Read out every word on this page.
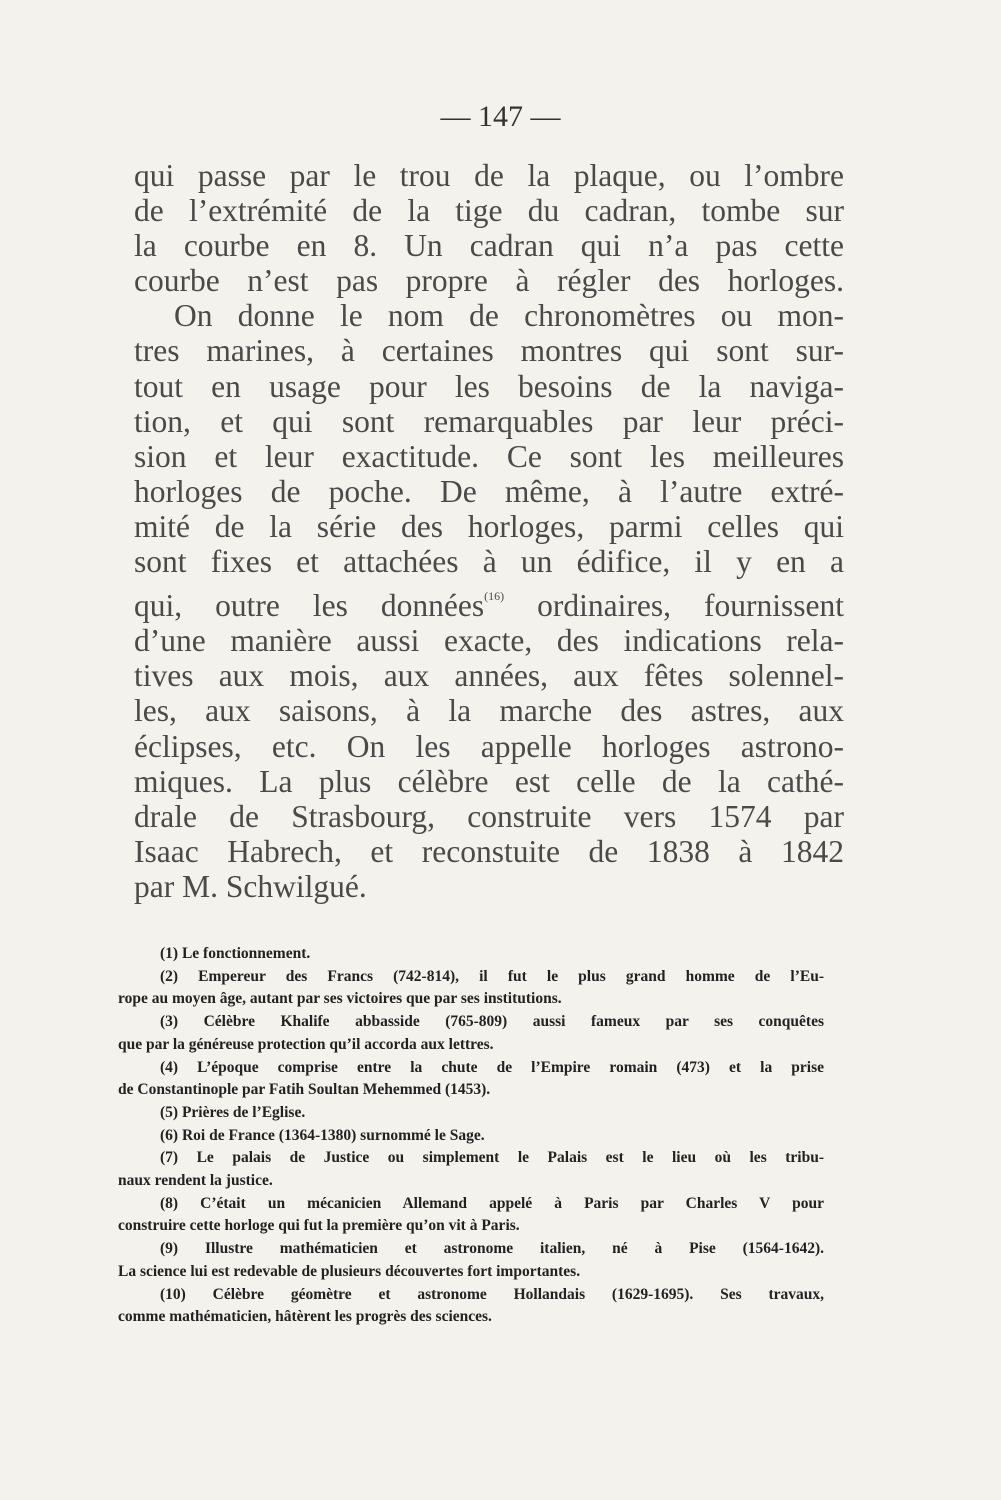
— 147 —
qui passe par le trou de la plaque, ou l’ombre
de l’extrémité de la tige du cadran, tombe sur
la courbe en 8. Un cadran qui n’a pas cette
courbe n’est pas propre à régler des horloges.
On donne le nom de chronomètres ou mon-
tres marines, à certaines montres qui sont sur-
tout en usage pour les besoins de la naviga-
tion, et qui sont remarquables par leur préci-
sion et leur exactitude. Ce sont les meilleures
horloges de poche. De même, à l’autre extré-
mité de la série des horloges, parmi celles qui
sont fixes et attachées à un édifice, il y en a
qui, outre les données$^{(16)}$ ordinaires, fournissent
d’une manière aussi exacte, des indications rela-
tives aux mois, aux années, aux fêtes solennel-
les, aux saisons, à la marche des astres, aux
éclipses, etc. On les appelle horloges astrono-
miques. La plus célèbre est celle de la cathé-
drale de Strasbourg, construite vers 1574 par
Isaac Habrech, et reconstuite de 1838 à 1842
par M. Schwilgué.
(1) Le fonctionnement.
(2) Empereur des Francs (742-814), il fut le plus grand homme de l’Eu-
rope au moyen âge, autant par ses victoires que par ses institutions.
(3) Célèbre Khalife abbasside (765-809) aussi fameux par ses conquêtes
que par la généreuse protection qu’il accorda aux lettres.
(4) L’époque comprise entre la chute de l’Empire romain (473) et la prise
de Constantinople par Fatih Soultan Mehemmed (1453).
(5) Prières de l’Eglise.
(6) Roi de France (1364-1380) surnommé le Sage.
(7) Le palais de Justice ou simplement le Palais est le lieu où les tribu-
naux rendent la justice.
(8) C’était un mécanicien Allemand appelé à Paris par Charles V pour
construire cette horloge qui fut la première qu’on vit à Paris.
(9) Illustre mathématicien et astronome italien, né à Pise (1564-1642).
La science lui est redevable de plusieurs découvertes fort importantes.
(10) Célèbre géomètre et astronome Hollandais (1629-1695). Ses travaux,
comme mathématicien, hâtèrent les progrès des sciences.
